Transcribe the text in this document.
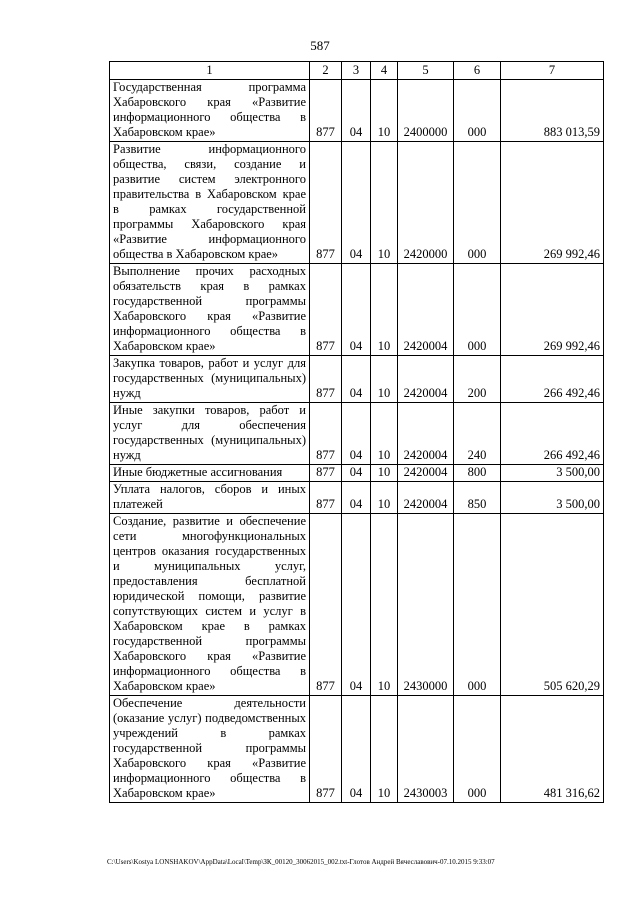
587
1	2	3	4	5	6	7
Государственная программа Хабаровского края «Развитие информационного общества в Хабаровском крае»	877	04	10	2400000	000	883 013,59
Развитие информационного общества, связи, создание и развитие систем электронного правительства в Хабаровском крае в рамках государственной программы Хабаровского края «Развитие информационного общества в Хабаровском крае»	877	04	10	2420000	000	269 992,46
Выполнение прочих расходных обязательств края в рамках государственной программы Хабаровского края «Развитие информационного общества в Хабаровском крае»	877	04	10	2420004	000	269 992,46
Закупка товаров, работ и услуг для государственных (муниципальных) нужд	877	04	10	2420004	200	266 492,46
Иные закупки товаров, работ и услуг для обеспечения государственных (муниципальных) нужд	877	04	10	2420004	240	266 492,46
Иные бюджетные ассигнования	877	04	10	2420004	800	3 500,00
Уплата налогов, сборов и иных платежей	877	04	10	2420004	850	3 500,00
Создание, развитие и обеспечение сети многофункциональных центров оказания государственных и муниципальных услуг, предоставления бесплатной юридической помощи, развитие сопутствующих систем и услуг в Хабаровском крае в рамках государственной программы Хабаровского края «Развитие информационного общества в Хабаровском крае»	877	04	10	2430000	000	505 620,29
Обеспечение деятельности (оказание услуг) подведомственных учреждений в рамках государственной программы Хабаровского края «Развитие информационного общества в Хабаровском крае»	877	04	10	2430003	000	481 316,62
C:\Users\Kostya LONSHAKOV\AppData\Local\Temp\ЗК_00120_30062015_002.txt-Глотов Андрей Вячеславович-07.10.2015 9:33:07
